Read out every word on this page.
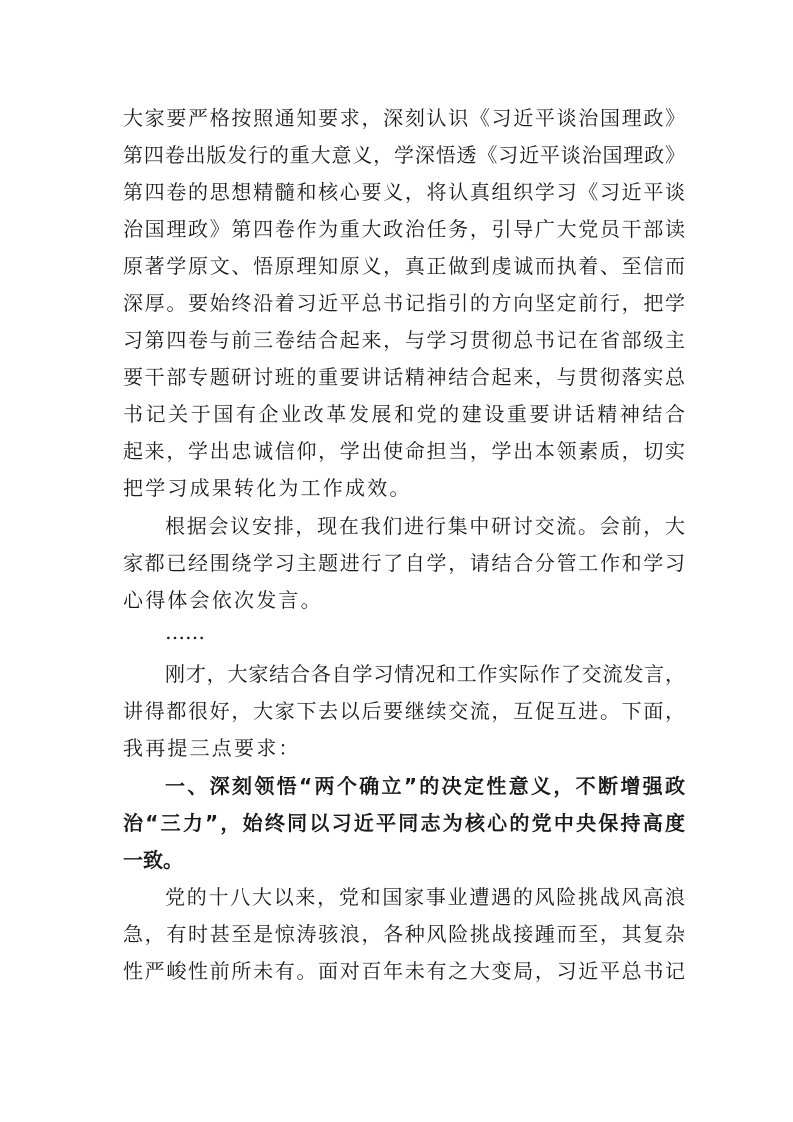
大家要严格按照通知要求，深刻认识《习近平谈治国理政》
第四卷出版发行的重大意义，学深悟透《习近平谈治国理政》
第四卷的思想精髓和核心要义，将认真组织学习《习近平谈
治国理政》第四卷作为重大政治任务，引导广大党员干部读
原著学原文、悟原理知原义，真正做到虔诚而执着、至信而
深厚。要始终沿着习近平总书记指引的方向坚定前行，把学
习第四卷与前三卷结合起来，与学习贯彻总书记在省部级主
要干部专题研讨班的重要讲话精神结合起来，与贯彻落实总
书记关于国有企业改革发展和党的建设重要讲话精神结合
起来，学出忠诚信仰，学出使命担当，学出本领素质，切实
把学习成果转化为工作成效。
根据会议安排，现在我们进行集中研讨交流。会前，大
家都已经围绕学习主题进行了自学，请结合分管工作和学习
心得体会依次发言。
……
刚才，大家结合各自学习情况和工作实际作了交流发言，
讲得都很好，大家下去以后要继续交流，互促互进。下面，
我再提三点要求：
一、深刻领悟“两个确立”的决定性意义，不断增强政
治“三力”，始终同以习近平同志为核心的党中央保持高度
一致。
党的十八大以来，党和国家事业遭遇的风险挑战风高浪
急，有时甚至是惊涛骇浪，各种风险挑战接踵而至，其复杂
性严峻性前所未有。面对百年未有之大变局，习近平总书记
